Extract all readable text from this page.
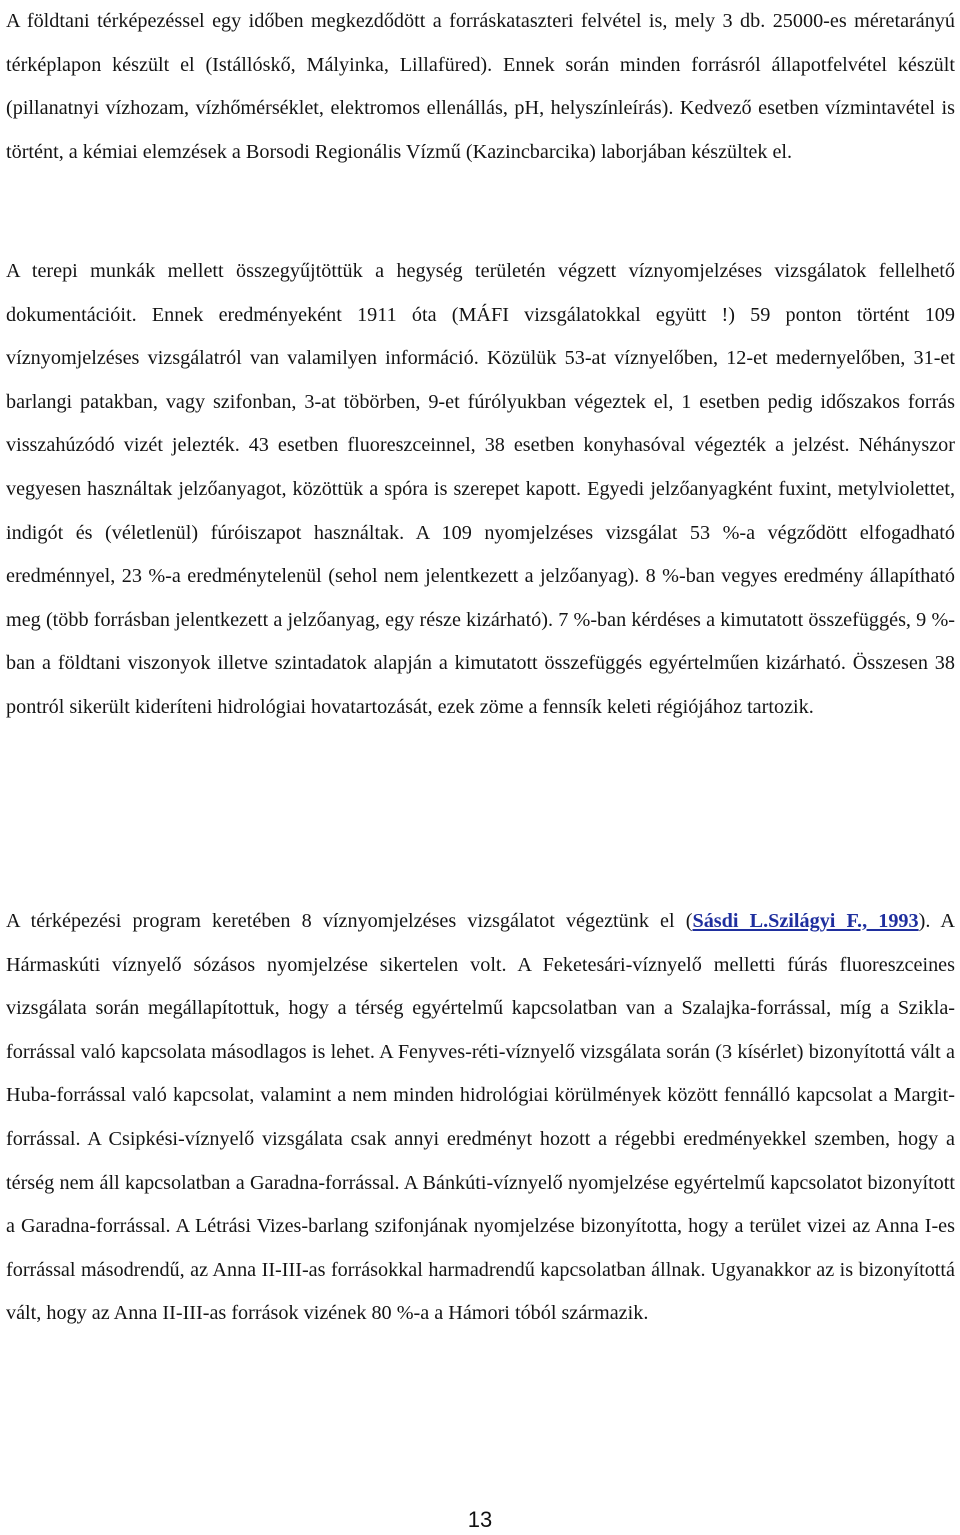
A földtani térképezéssel egy időben megkezdődött a forráskataszteri felvétel is, mely 3 db. 25000-es méretarányú térképlapon készült el (Istállóskő, Mályinka, Lillafüred). Ennek során minden forrásról állapotfelvétel készült (pillanatnyi vízhozam, vízhőmérséklet, elektromos ellenállás, pH, helyszínleírás). Kedvező esetben vízmintavétel is történt, a kémiai elemzések a Borsodi Regionális Vízmű (Kazincbarcika) laborjában készültek el.

A terepi munkák mellett összegyűjtöttük a hegység területén végzett víznyomjelzéses vizsgálatok fellelhető dokumentációit. Ennek eredményeként 1911 óta (MÁFI vizsgálatokkal együtt !) 59 ponton történt 109 víznyomjelzéses vizsgálatról van valamilyen információ. Közülük 53-at víznyelőben, 12-et medernyelőben, 31-et barlangi patakban, vagy szifonban, 3-at töbörben, 9-et fúrólyukban végeztek el, 1 esetben pedig időszakos forrás visszahúzódó vizét jelezték. 43 esetben fluoreszceinnel, 38 esetben konyhasóval végezték a jelzést. Néhányszor vegyesen használtak jelzőanyagot, közöttük a spóra is szerepet kapott. Egyedi jelzőanyagként fuxint, metylviolettet, indigót és (véletlenül) fúróiszapot használtak. A 109 nyomjelzéses vizsgálat 53 %-a végződött elfogadható eredménnyel, 23 %-a eredménytelenül (sehol nem jelentkezett a jelzőanyag). 8 %-ban vegyes eredmény állapítható meg (több forrásban jelentkezett a jelzőanyag, egy része kizárható). 7 %-ban kérdéses a kimutatott összefüggés, 9 %-ban a földtani viszonyok illetve szintadatok alapján a kimutatott összefüggés egyértelműen kizárható. Összesen 38 pontról sikerült kideríteni hidrológiai hovatartozását, ezek zöme a fennsík keleti régiójához tartozik.

A térképezési program keretében 8 víznyomjelzéses vizsgálatot végeztünk el (Sásdi L.Szilágyi F., 1993). A Hármaskúti víznyelő sózásos nyomjelzése sikertelen volt. A Feketesári-víznyelő melletti fúrás fluoreszceines vizsgálata során megállapítottuk, hogy a térség egyértelmű kapcsolatban van a Szalajka-forrással, míg a Szikla-forrással való kapcsolata másodlagos is lehet. A Fenyves-réti-víznyelő vizsgálata során (3 kísérlet) bizonyítottá vált a Huba-forrással való kapcsolat, valamint a nem minden hidrológiai körülmények között fennálló kapcsolat a Margit-forrással. A Csipkési-víznyelő vizsgálata csak annyi eredményt hozott a régebbi eredményekkel szemben, hogy a térség nem áll kapcsolatban a Garadna-forrással. A Bánkúti-víznyelő nyomjelzése egyértelmű kapcsolatot bizonyított a Garadna-forrással. A Létrási Vizes-barlang szifonjának nyomjelzése bizonyította, hogy a terület vizei az Anna I-es forrással másodrendű, az Anna II-III-as forrásokkal harmadrendű kapcsolatban állnak. Ugyanakkor az is bizonyítottá vált, hogy az Anna II-III-as források vizének 80 %-a a Hámori tóból származik.

13
